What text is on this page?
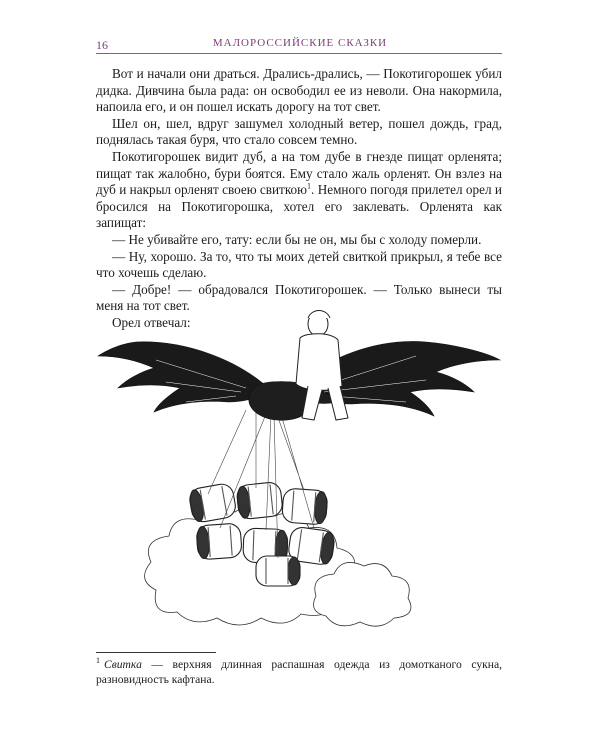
16	МАЛОРОССИЙСКИЕ СКАЗКИ

Вот и начали они драться. Дрались-дрались, — Покотигорошек убил дидка. Дивчина была рада: он освободил ее из неволи. Она накормила, напоила его, и он пошел искать дорогу на тот свет.

Шел он, шел, вдруг зашумел холодный ветер, пошел дождь, град, поднялась такая буря, что стало совсем темно.

Покотигорошек видит дуб, а на том дубе в гнезде пищат орленята; пищат так жалобно, бури боятся. Ему стало жаль орленят. Он взлез на дуб и накрыл орленят своею свиткою$^1$. Немного погодя прилетел орел и бросился на Покотигорошка, хотел его заклевать. Орленята как запищат:

— Не убивайте его, тату: если бы не он, мы бы с холоду померли.

— Ну, хорошо. За то, что ты моих детей свиткой прикрыл, я тебе все что хочешь сделаю.

— Добре! — обрадовался Покотигорошек. — Только вынеси ты меня на тот свет.

Орел отвечал:

$^1$ Свитка — верхняя длинная распашная одежда из домотканого сукна, разновидность кафтана.
